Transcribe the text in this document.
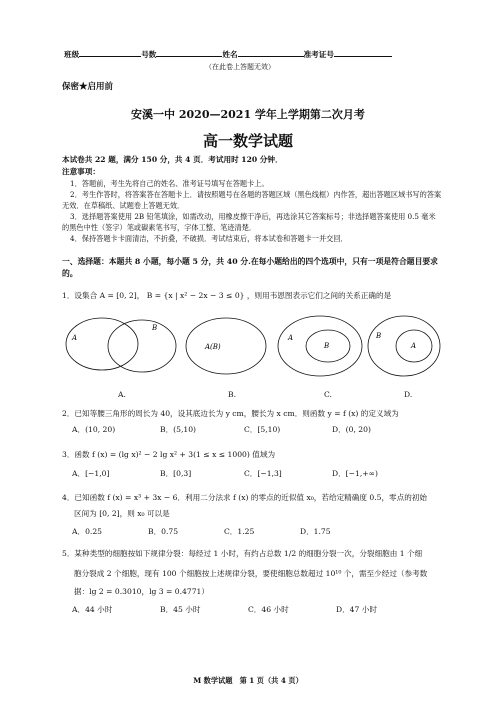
班级	号数	姓名	准考证号
（在此卷上答题无效）
保密★启用前
安溪一中 2020—2021 学年上学期第二次月考
高一数学试题
本试卷共 22 题，满分 150 分，共 4 页．考试用时 120 分钟．
注意事项：
1．答题前，考生先将自己的姓名、准考证号填写在答题卡上。
2．考生作答时，将答案答在答题卡上．请按照题号在各题的答题区域（黑色线框）内作答，超出答题区域书写的答案无效．在草稿纸、试题卷上答题无效．
3．选择题答案使用 2B 铅笔填涂，如需改动，用橡皮擦干净后，再选涂其它答案标号；非选择题答案使用 0.5 毫米的黑色中性（签字）笔或碳素笔书写，字体工整、笔迹清楚．
一、选择题：本题共 8 小题，每小题 5 分，共 40 分.在每小题给出的四个选项中，只有一项是符合题目要求的。
1．设集合 A = [0, 2]， B = {x | x² − 2x − 3 ≤ 0} ，则用韦恩图表示它们之间的关系正确的是
A
B
A(B)
A
B
B
A
A.	B.	C.	D.
2．已知等腰三角形的周长为 40，设其底边长为 y cm，腰长为 x cm．则函数 y = f (x) 的定义域为
A．(10, 20)	B．(5,10)	C．[5,10)	D．(0, 20)
3．函数 f (x) = (lg x)² − 2 lg x² + 3(1 ≤ x ≤ 1000) 值域为
A．[−1,0]	B．[0,3]	C．[−1,3]	D．[−1,+∞)
4．已知函数 f (x) = x³ + 3x − 6．利用二分法求 f (x) 的零点的近似值 x₀，若给定精确度 0.5，零点的初始
区间为 [0, 2]，则 x₀ 可以是
A．0.25	B．0.75	C．1.25	D．1.75
5．某种类型的细胞按如下规律分裂：每经过 1 小时，有约占总数 1/2 的细胞分裂一次，分裂细胞由 1 个细
胞分裂成 2 个细胞，现有 100 个细胞按上述规律分裂，要使细胞总数超过 10¹⁰ 个，需至少经过（参考数
据：lg 2 = 0.3010，lg 3 = 0.4771）
A．44 小时	B．45 小时	C．46 小时	D．47 小时
M 数学试题　第 1 页（共 4 页）
4．保持答题卡卡面清洁，不折叠，不破损．考试结束后，将本试卷和答题卡一并交回．
